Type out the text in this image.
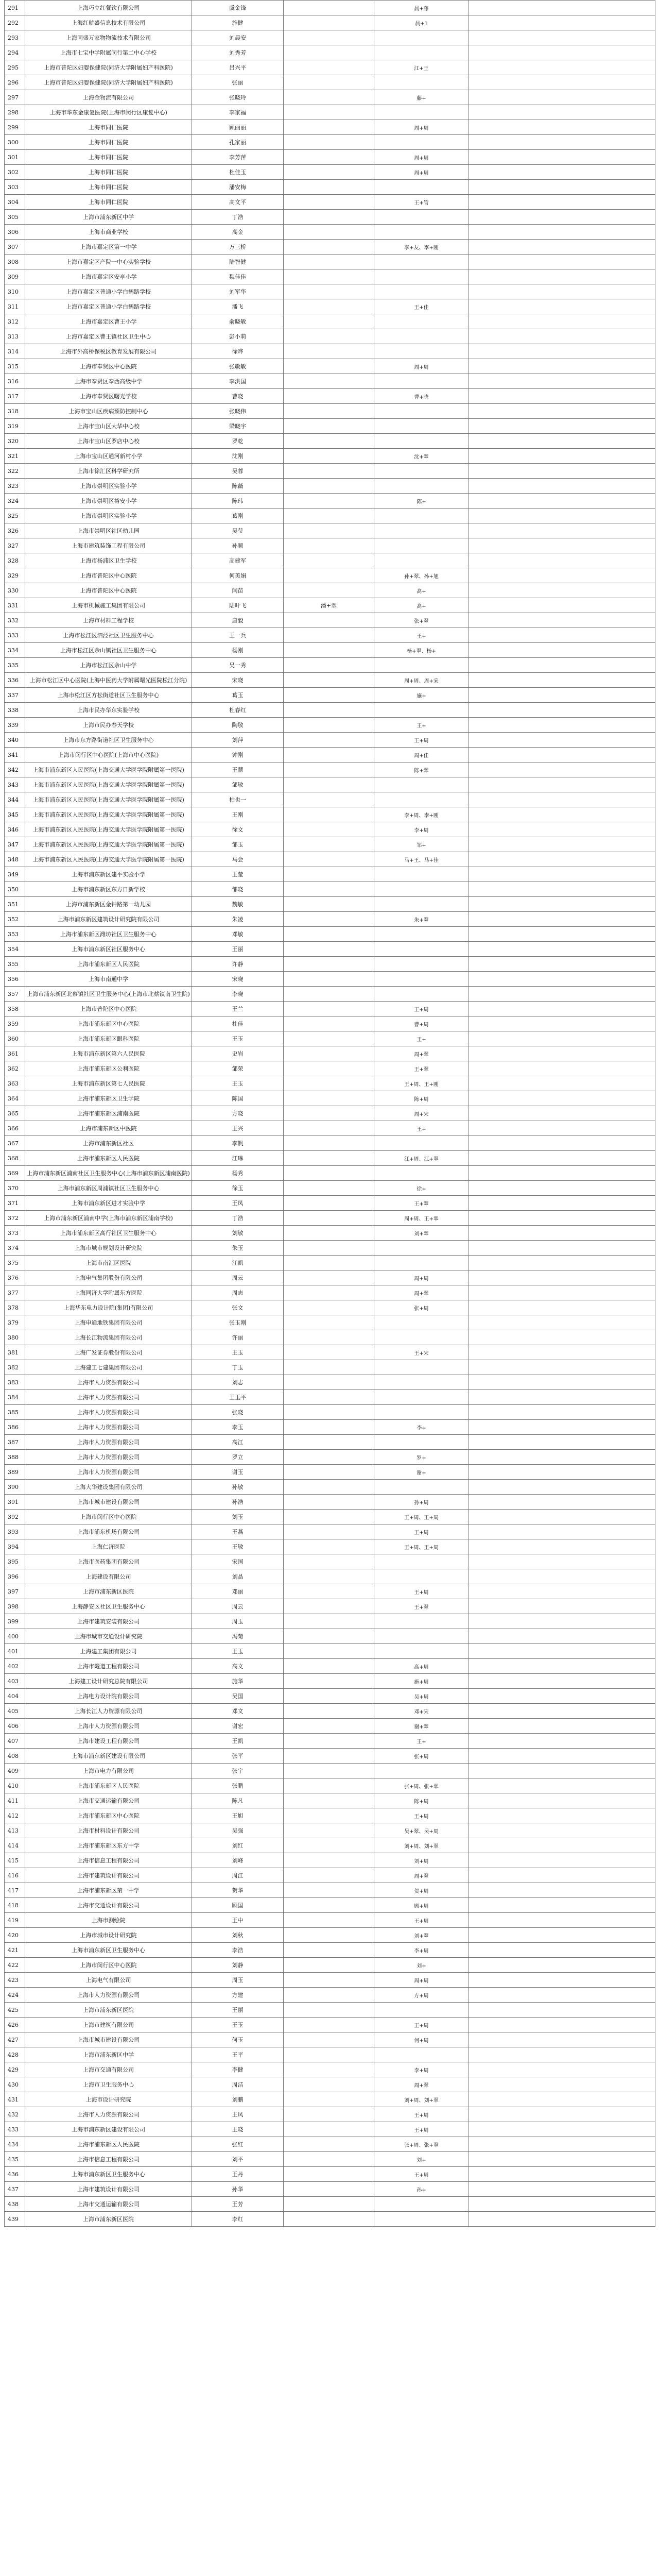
291	上海巧立红餐饮有限公司	虞金锋		晨+藤	
292	上海红航盛信息技术有限公司	施健		晨+1	
293	上海同盛万家物物流技术有限公司	刘晨安			
294	上海市七宝中学附属闵行第二中心学校	刘秀芳			
295	上海市普陀区妇婴保健院(同济大学附属妇产科医院)	吕兴平		江+王	
296	上海市普陀区妇婴保健院(同济大学附属妇产科医院)	张丽			
297	上海金物流有限公司	张晓玲		藤+	
298	上海市华东金康复医院(上海市闵行区康复中心)	李家福			
299	上海市同仁医院	顾丽丽		周+周	
300	上海市同仁医院	孔家丽			
301	上海市同仁医院	李芳萍		周+周	
302	上海市同仁医院	杜佳玉		周+周	
303	上海市同仁医院	潘安梅			
304	上海市同仁医院	高文平		王+管	
305	上海市浦东新区中学	丁浩			
306	上海市商业学校	高金			
307	上海市嘉定区第一中学	万三桥		李+友、李+刚	
308	上海市嘉定区产院一中心实验学校	陆智健			
309	上海市嘉定区安亭小学	魏佳佳			
310	上海市嘉定区普通小学白鹤路学校	刘军华			
311	上海市嘉定区普通小学白鹤路学校	潘飞		王+佳	
312	上海市嘉定区曹王小学	俞晓敏			
313	上海市嘉定区曹王镇社区卫生中心	彭小莉			
314	上海市外高桥保税区教育发展有限公司	徐晔			
315	上海市奉贤区中心医院	张敏敏		周+周	
316	上海市奉贤区奉西高级中学	李洪国			
317	上海市奉贤区曙光学校	曹晓		曹+晓	
318	上海市宝山区疾病预防控制中心	张晓伟			
319	上海市宝山区大华中心校	梁晓宇			
320	上海市宝山区罗店中心校	罗乾			
321	上海市宝山区通河新村小学	沈刚		沈+翠	
322	上海市徐汇区科学研究所	吴蓉			
323	上海市崇明区实验小学	陈薇			
324	上海市崇明区裕安小学	陈玮		陈+	
325	上海市崇明区实验小学	葛刚			
326	上海市崇明区社区幼儿园	吴莹			
327	上海市建筑装饰工程有限公司	孙顺			
328	上海市杨浦区卫生学校	高建军			
329	上海市普陀区中心医院	何美娟		孙+翠、孙+旭	
330	上海市普陀区中心医院	闫苗		高+	
331	上海市机械施工集团有限公司	陆叶飞	潘+翠	高+	
332	上海市材料工程学校	唐毅		张+翠	
333	上海市松江区泗泾社区卫生服务中心	王一兵		王+	
334	上海市松江区佘山镇社区卫生服务中心	杨刚		杨+翠、杨+	
335	上海市松江区佘山中学	吴一秀			
336	上海市松江区中心医院(上海中医药大学附属曙光医院松江分院)	宋晓		周+周、周+宋	
337	上海市松江区方松街道社区卫生服务中心	葛玉		施+	
338	上海市民办华东实验学校	杜春红			
339	上海市民办春天学校	陶敬		王+	
340	上海市东方路街道社区卫生服务中心	刘萍		王+周	
341	上海市闵行区中心医院(上海市中心医院)	钟刚		周+佳	
342	上海市浦东新区人民医院(上海交通大学医学院附属第一医院)	王慧		陈+翠	
343	上海市浦东新区人民医院(上海交通大学医学院附属第一医院)	邹敏			
344	上海市浦东新区人民医院(上海交通大学医学院附属第一医院)	柏也一			
345	上海市浦东新区人民医院(上海交通大学医学院附属第一医院)	王刚		李+周、李+刚	
346	上海市浦东新区人民医院(上海交通大学医学院附属第一医院)	徐文		李+周	
347	上海市浦东新区人民医院(上海交通大学医学院附属第一医院)	邹玉		邹+	
348	上海市浦东新区人民医院(上海交通大学医学院附属第一医院)	马会		马+王、马+佳	
349	上海市浦东新区建平实验小学	王莹			
350	上海市浦东新区东方日新学校	邹晓			
351	上海市浦东新区金钟路第一幼儿园	魏敏			
352	上海市浦东新区建筑设计研究院有限公司	朱凌		朱+翠	
353	上海市浦东新区潍坊社区卫生服务中心	邓敏			
354	上海市浦东新区社区服务中心	王丽			
355	上海市浦东新区人民医院	许静			
356	上海市南通中学	宋晓			
357	上海市浦东新区北蔡镇社区卫生服务中心(上海市北蔡镇南卫生院)	李晓			
358	上海市普陀区中心医院	王兰		王+周	
359	上海市浦东新区中心医院	杜佳		曹+周	
360	上海市浦东新区眼科医院	王玉		王+	
361	上海市浦东新区第六人民医院	史岩		周+翠	
362	上海市浦东新区公利医院	邹荣		王+翠	
363	上海市浦东新区第七人民医院	王玉		王+周、王+刚	
364	上海市浦东新区卫生学院	陈国		陈+周	
365	上海市浦东新区浦南医院	方晓		周+宋	
366	上海市浦东新区中医院	王兴		王+	
367	上海市浦东新区社区	李帆			
368	上海市浦东新区人民医院	江琳		江+周、江+翠	
369	上海市浦东新区浦南社区卫生服务中心(上海市浦东新区浦南医院)	杨秀			
370	上海市浦东新区周浦镇社区卫生服务中心	徐玉		徐+	
371	上海市浦东新区进才实验中学	王凤		王+翠	
372	上海市浦东新区浦南中学(上海市浦东新区浦南学校)	丁浩		周+周、王+翠	
373	上海市浦东新区高行社区卫生服务中心	刘敏		刘+翠	
374	上海市城市规划设计研究院	朱玉			
375	上海市南汇区医院	江凯			
376	上海电气集团股份有限公司	周云		周+周	
377	上海同济大学附属东方医院	周志		周+翠	
378	上海华东电力设计院(集团)有限公司	张文		张+周	
379	上海申通地铁集团有限公司	张玉刚			
380	上海长江物流集团有限公司	许丽			
381	上海广发证券股份有限公司	王玉		王+宋	
382	上海建工七建集团有限公司	丁玉			
383	上海市人力资源有限公司	刘志			
384	上海市人力资源有限公司	王玉平			
385	上海市人力资源有限公司	张晓			
386	上海市人力资源有限公司	李玉		李+	
387	上海市人力资源有限公司	高江			
388	上海市人力资源有限公司	罗立		罗+	
389	上海市人力资源有限公司	谢玉		谢+	
390	上海大华建设集团有限公司	孙敏			
391	上海市城市建设有限公司	孙浩		孙+周	
392	上海市闵行区中心医院	刘玉		王+周、王+周	
393	上海市浦东机场有限公司	王燕		王+周	
394	上海仁济医院	王敏		王+周、王+周	
395	上海市医药集团有限公司	宋国			
396	上海建设有限公司	刘晶			
397	上海市浦东新区医院	邓丽		王+周	
398	上海静安区社区卫生服务中心	周云		王+翠	
399	上海市建筑安装有限公司	周玉			
400	上海市城市交通设计研究院	冯菊			
401	上海建工集团有限公司	王玉			
402	上海市隧道工程有限公司	高文		高+周	
403	上海建工设计研究总院有限公司	施华		施+周	
404	上海电力设计院有限公司	吴国		吴+周	
405	上海长江人力资源有限公司	邓文		邓+宋	
406	上海市人力资源有限公司	谢宏		谢+翠	
407	上海市建设工程有限公司	王凯		王+	
408	上海市浦东新区建设有限公司	张平		张+周	
409	上海市电力有限公司	张宇			
410	上海市浦东新区人民医院	张鹏		张+周、张+翠	
411	上海市交通运输有限公司	陈凡		陈+周	
412	上海市浦东新区中心医院	王旭		王+周	
413	上海市材料设计有限公司	吴强		吴+翠、吴+周	
414	上海市浦东新区东方中学	刘红		刘+周、刘+翠	
415	上海市信息工程有限公司	刘峰		刘+周	
416	上海市建筑设计有限公司	周江		周+翠	
417	上海市浦东新区第一中学	贺华		贺+周	
418	上海市交通设计有限公司	顾国		顾+周	
419	上海市测绘院	王中		王+周	
420	上海市城市设计研究院	刘秋		刘+翠	
421	上海市浦东新区卫生服务中心	李浩		李+周	
422	上海市闵行区中心医院	刘静		刘+	
423	上海电气有限公司	周玉		周+周	
424	上海市人力资源有限公司	方建		方+周	
425	上海市浦东新区医院	王丽			
426	上海市建筑有限公司	王玉		王+周	
427	上海市城市建设有限公司	何玉		何+周	
428	上海市浦东新区中学	王平			
429	上海市交通有限公司	李健		李+周	
430	上海市卫生服务中心	周洁		周+翠	
431	上海市设计研究院	刘鹏		刘+周、刘+翠	
432	上海市人力资源有限公司	王凤		王+周	
433	上海市浦东新区建设有限公司	王晓		王+周	
434	上海市浦东新区人民医院	张红		张+周、张+翠	
435	上海市信息工程有限公司	刘平		刘+	
436	上海市浦东新区卫生服务中心	王丹		王+周	
437	上海市建筑设计有限公司	孙华		孙+	
438	上海市交通运输有限公司	王芳			
439	上海市浦东新区医院	李红			
